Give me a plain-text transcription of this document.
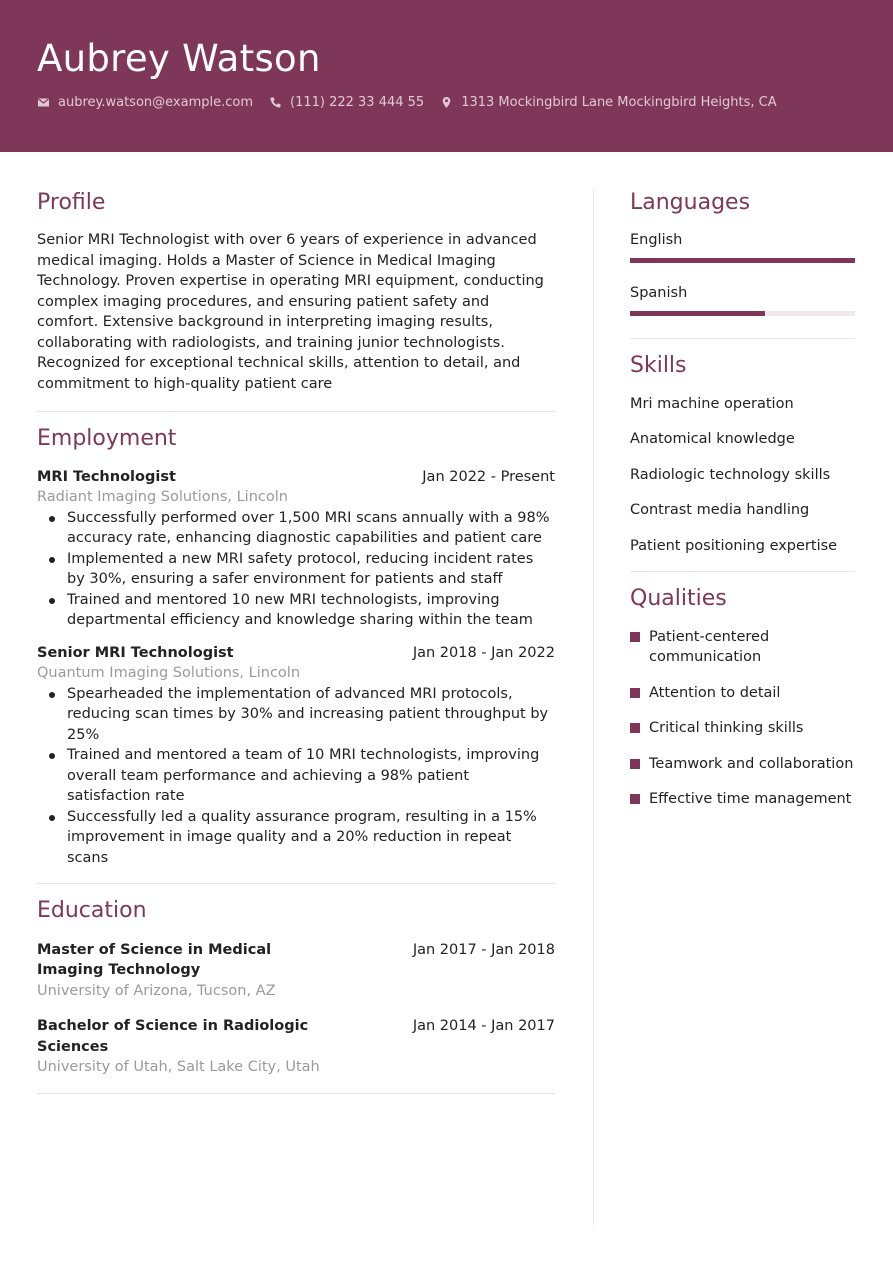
Aubrey Watson
aubrey.watson@example.com	(111) 222 33 444 55	1313 Mockingbird Lane Mockingbird Heights, CA
Profile

Senior MRI Technologist with over 6 years of experience in advanced medical imaging. Holds a Master of Science in Medical Imaging Technology. Proven expertise in operating MRI equipment, conducting complex imaging procedures, and ensuring patient safety and comfort. Extensive background in interpreting imaging results, collaborating with radiologists, and training junior technologists. Recognized for exceptional technical skills, attention to detail, and commitment to high-quality patient care

Employment
MRI Technologist	Jan 2022 - Present
Radiant Imaging Solutions, Lincoln
Successfully performed over 1,500 MRI scans annually with a 98% accuracy rate, enhancing diagnostic capabilities and patient care
Implemented a new MRI safety protocol, reducing incident rates by 30%, ensuring a safer environment for patients and staff
Trained and mentored 10 new MRI technologists, improving departmental efficiency and knowledge sharing within the team
Senior MRI Technologist	Jan 2018 - Jan 2022
Quantum Imaging Solutions, Lincoln
Spearheaded the implementation of advanced MRI protocols, reducing scan times by 30% and increasing patient throughput by 25%
Trained and mentored a team of 10 MRI technologists, improving overall team performance and achieving a 98% patient satisfaction rate
Successfully led a quality assurance program, resulting in a 15% improvement in image quality and a 20% reduction in repeat scans
Education
Master of Science in Medical Imaging Technology
Jan 2017 - Jan 2018
University of Arizona, Tucson, AZ
Bachelor of Science in Radiologic Sciences
Jan 2014 - Jan 2017
University of Utah, Salt Lake City, Utah
Languages
English
Spanish
Skills
Mri machine operation
Anatomical knowledge
Radiologic technology skills
Contrast media handling
Patient positioning expertise
Qualities
Patient-centered communication
Attention to detail
Critical thinking skills
Teamwork and collaboration
Effective time management
